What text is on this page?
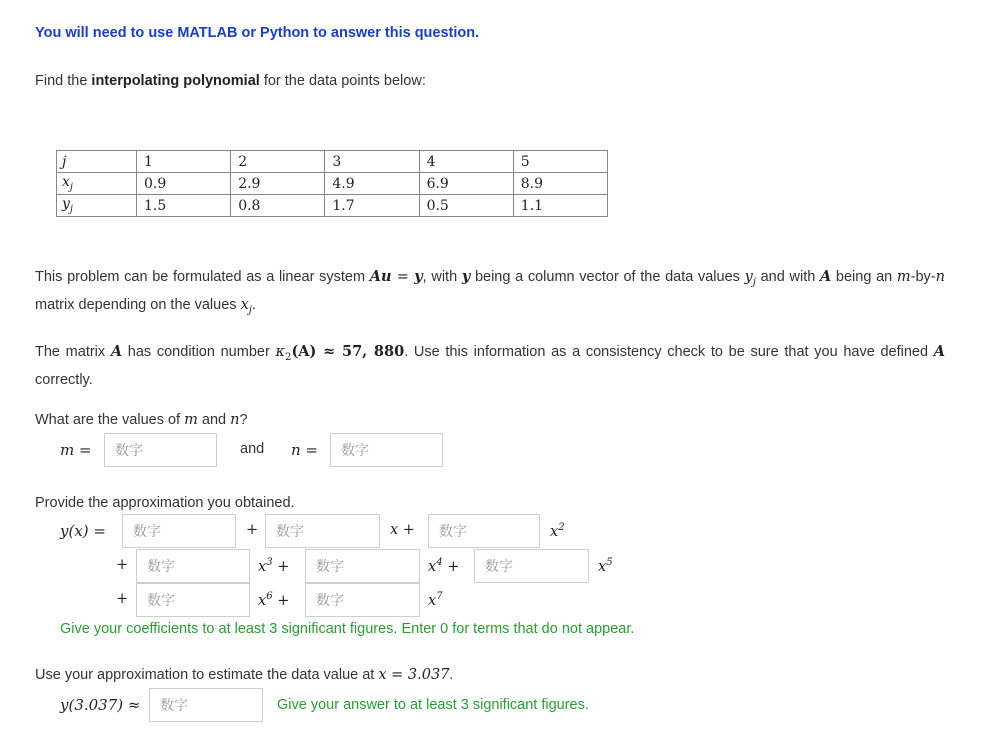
You will need to use MATLAB or Python to answer this question.
Find the interpolating polynomial for the data points below:
j	1	2	3	4	5
$x_j$	0.9	2.9	4.9	6.9	8.9
$y_j$	1.5	0.8	1.7	0.5	1.1

This problem can be formulated as a linear system Au = y, with y being a column vector of the data values $y_j$ and with A being an m-by-n matrix depending on the values $x_j$.

The matrix A has condition number $\kappa_2(A) \approx 57$, 880. Use this information as a consistency check to be sure that you have defined A correctly.

What are the values of m and n?
m =
数字	and n =
数字
Provide the approximation you obtained.
y(x) =
数字	+
数字	x +
数字	$x^2$
+
数字	$x^3$ +
数字	$x^4$ +
数字	$x^5$
+
数字	$x^6$ +
数字	$x^7$
Give your coefficients to at least 3 significant figures. Enter 0 for terms that do not appear.
Use your approximation to estimate the data value at x = 3.037.
y(3.037) ≈
数字	Give your answer to at least 3 significant figures.
